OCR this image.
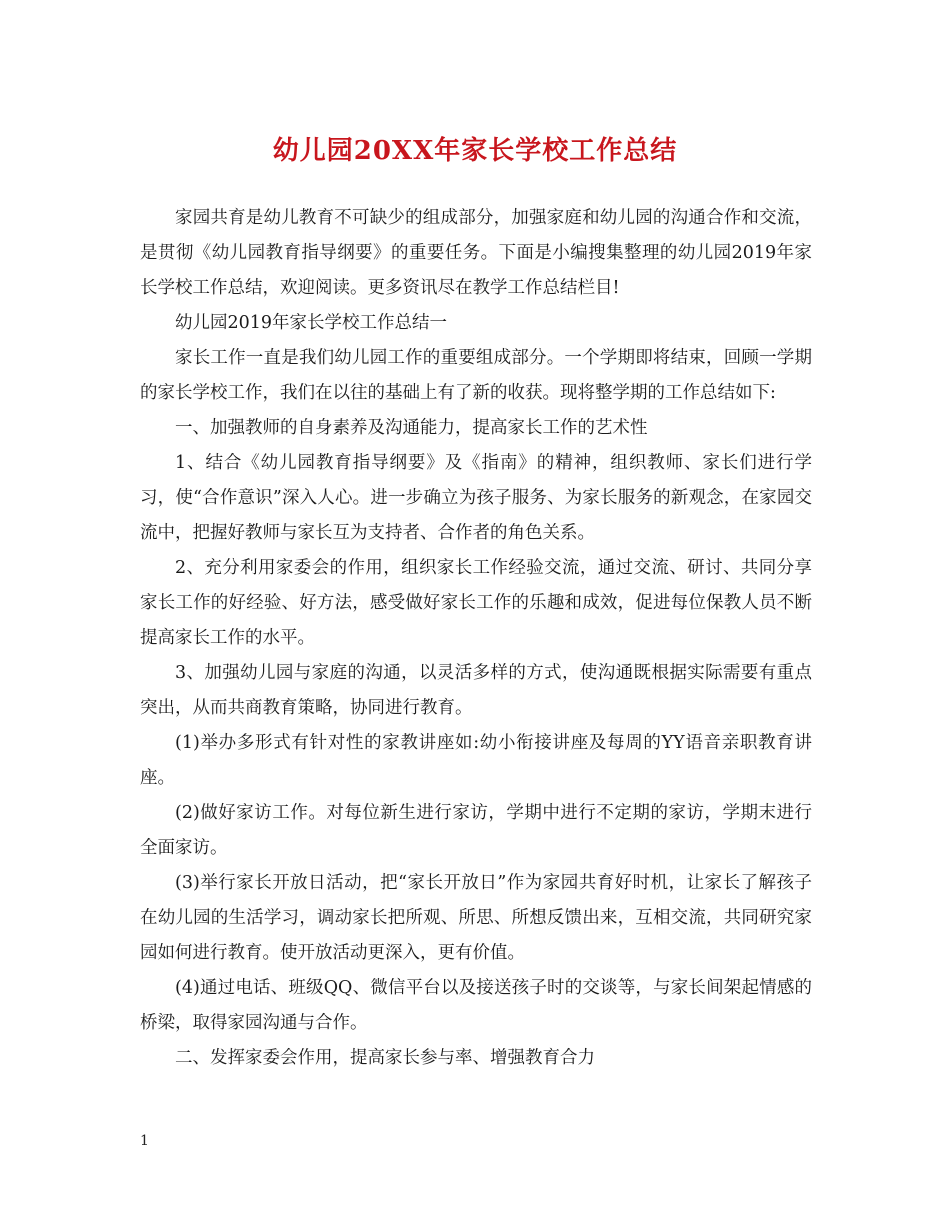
幼儿园20XX年家长学校工作总结

家园共育是幼儿教育不可缺少的组成部分，加强家庭和幼儿园的沟通合作和交流，是贯彻《幼儿园教育指导纲要》的重要任务。下面是小编搜集整理的幼儿园2019年家长学校工作总结，欢迎阅读。更多资讯尽在教学工作总结栏目!

幼儿园2019年家长学校工作总结一

家长工作一直是我们幼儿园工作的重要组成部分。一个学期即将结束，回顾一学期的家长学校工作，我们在以往的基础上有了新的收获。现将整学期的工作总结如下:

一、加强教师的自身素养及沟通能力，提高家长工作的艺术性

1、结合《幼儿园教育指导纲要》及《指南》的精神，组织教师、家长们进行学习，使“合作意识”深入人心。进一步确立为孩子服务、为家长服务的新观念，在家园交流中，把握好教师与家长互为支持者、合作者的角色关系。

2、充分利用家委会的作用，组织家长工作经验交流，通过交流、研讨、共同分享家长工作的好经验、好方法，感受做好家长工作的乐趣和成效，促进每位保教人员不断提高家长工作的水平。

3、加强幼儿园与家庭的沟通，以灵活多样的方式，使沟通既根据实际需要有重点突出，从而共商教育策略，协同进行教育。

(1)举办多形式有针对性的家教讲座如:幼小衔接讲座及每周的YY语音亲职教育讲座。

(2)做好家访工作。对每位新生进行家访，学期中进行不定期的家访，学期末进行全面家访。

(3)举行家长开放日活动，把“家长开放日”作为家园共育好时机，让家长了解孩子在幼儿园的生活学习，调动家长把所观、所思、所想反馈出来，互相交流，共同研究家园如何进行教育。使开放活动更深入，更有价值。

(4)通过电话、班级QQ、微信平台以及接送孩子时的交谈等，与家长间架起情感的桥梁，取得家园沟通与合作。

二、发挥家委会作用，提高家长参与率、增强教育合力

1
